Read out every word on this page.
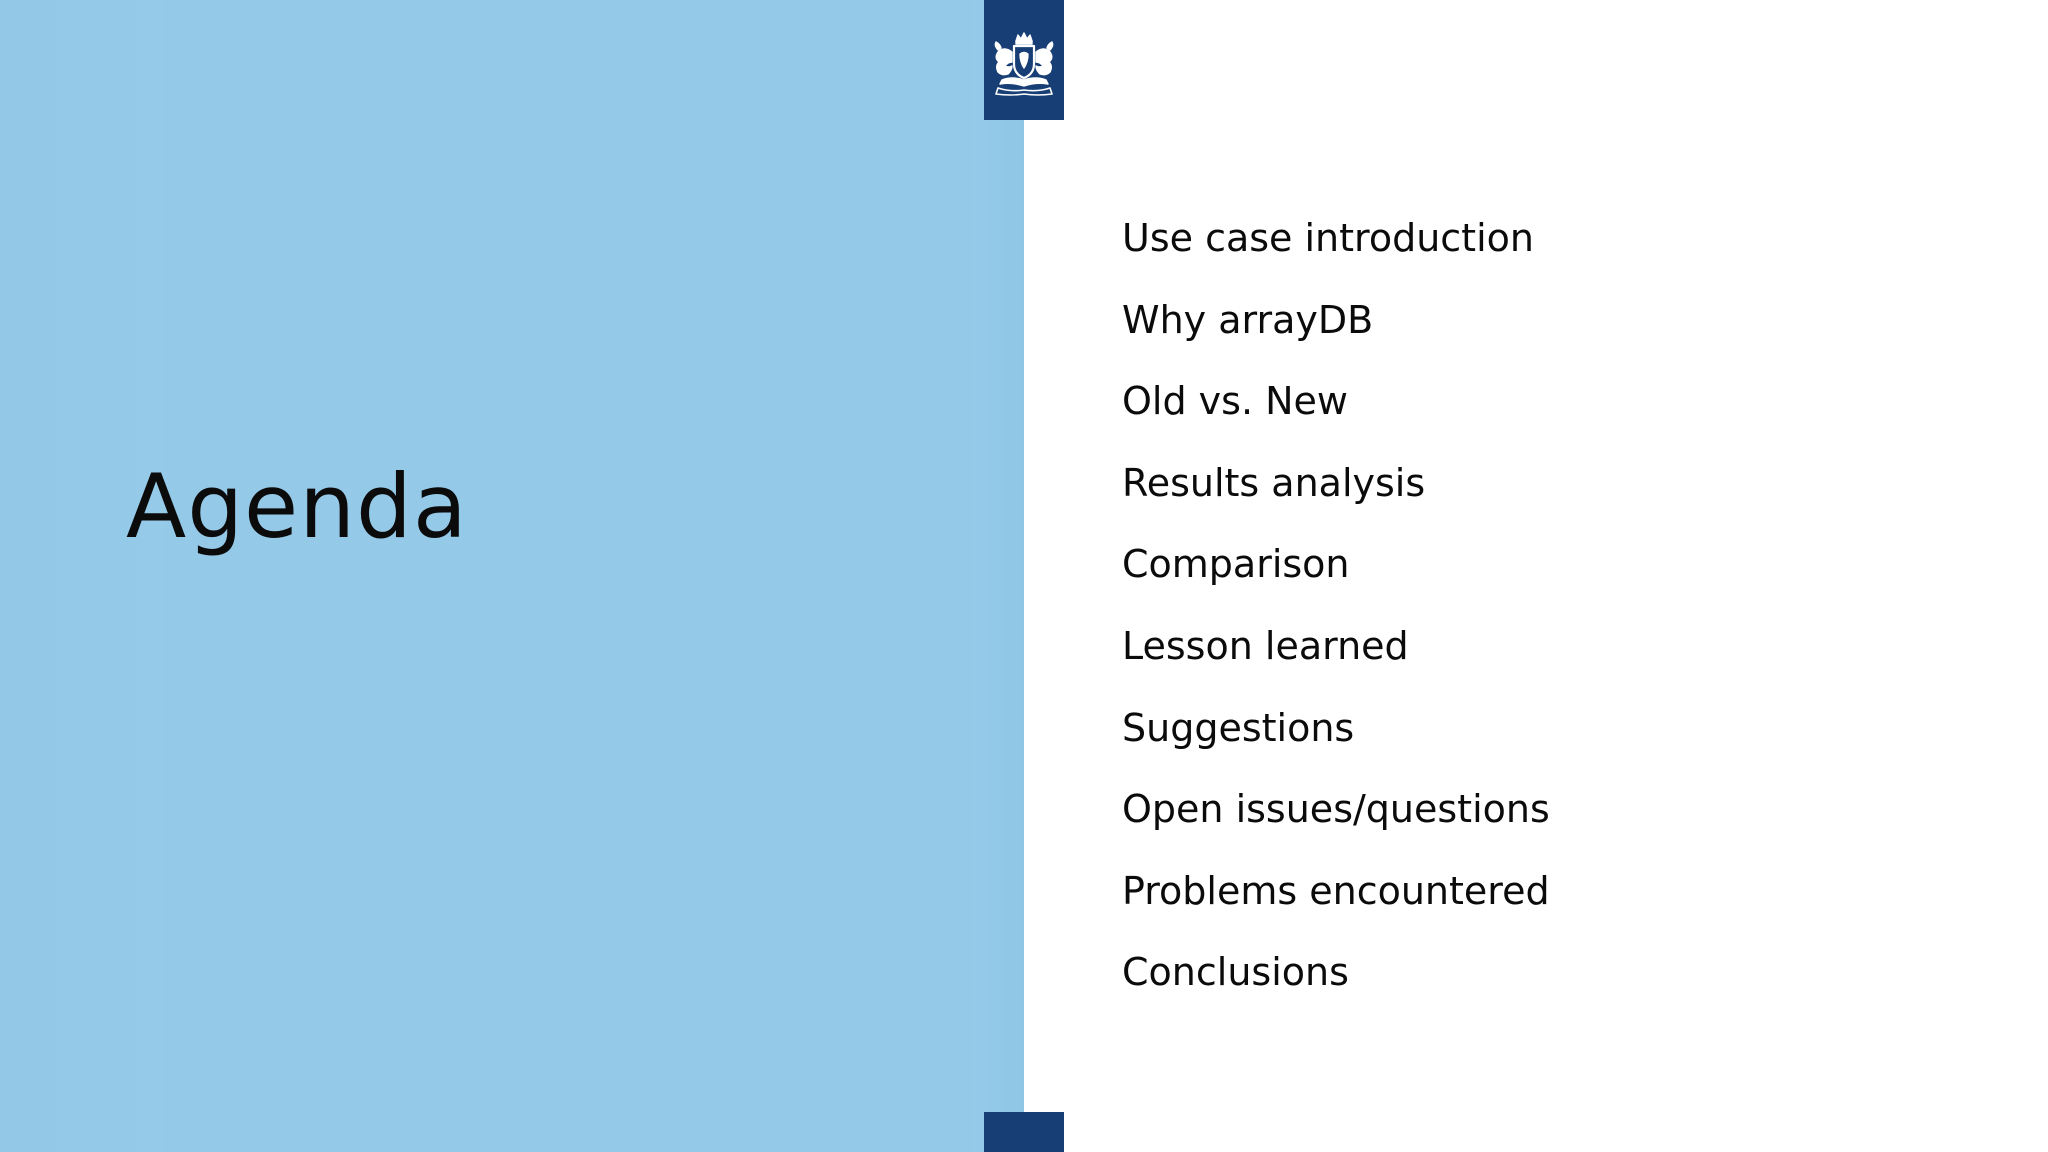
Agenda
Use case introduction
Why arrayDB
Old vs. New
Results analysis
Comparison
Lesson learned
Suggestions
Open issues/questions
Problems encountered
Conclusions
